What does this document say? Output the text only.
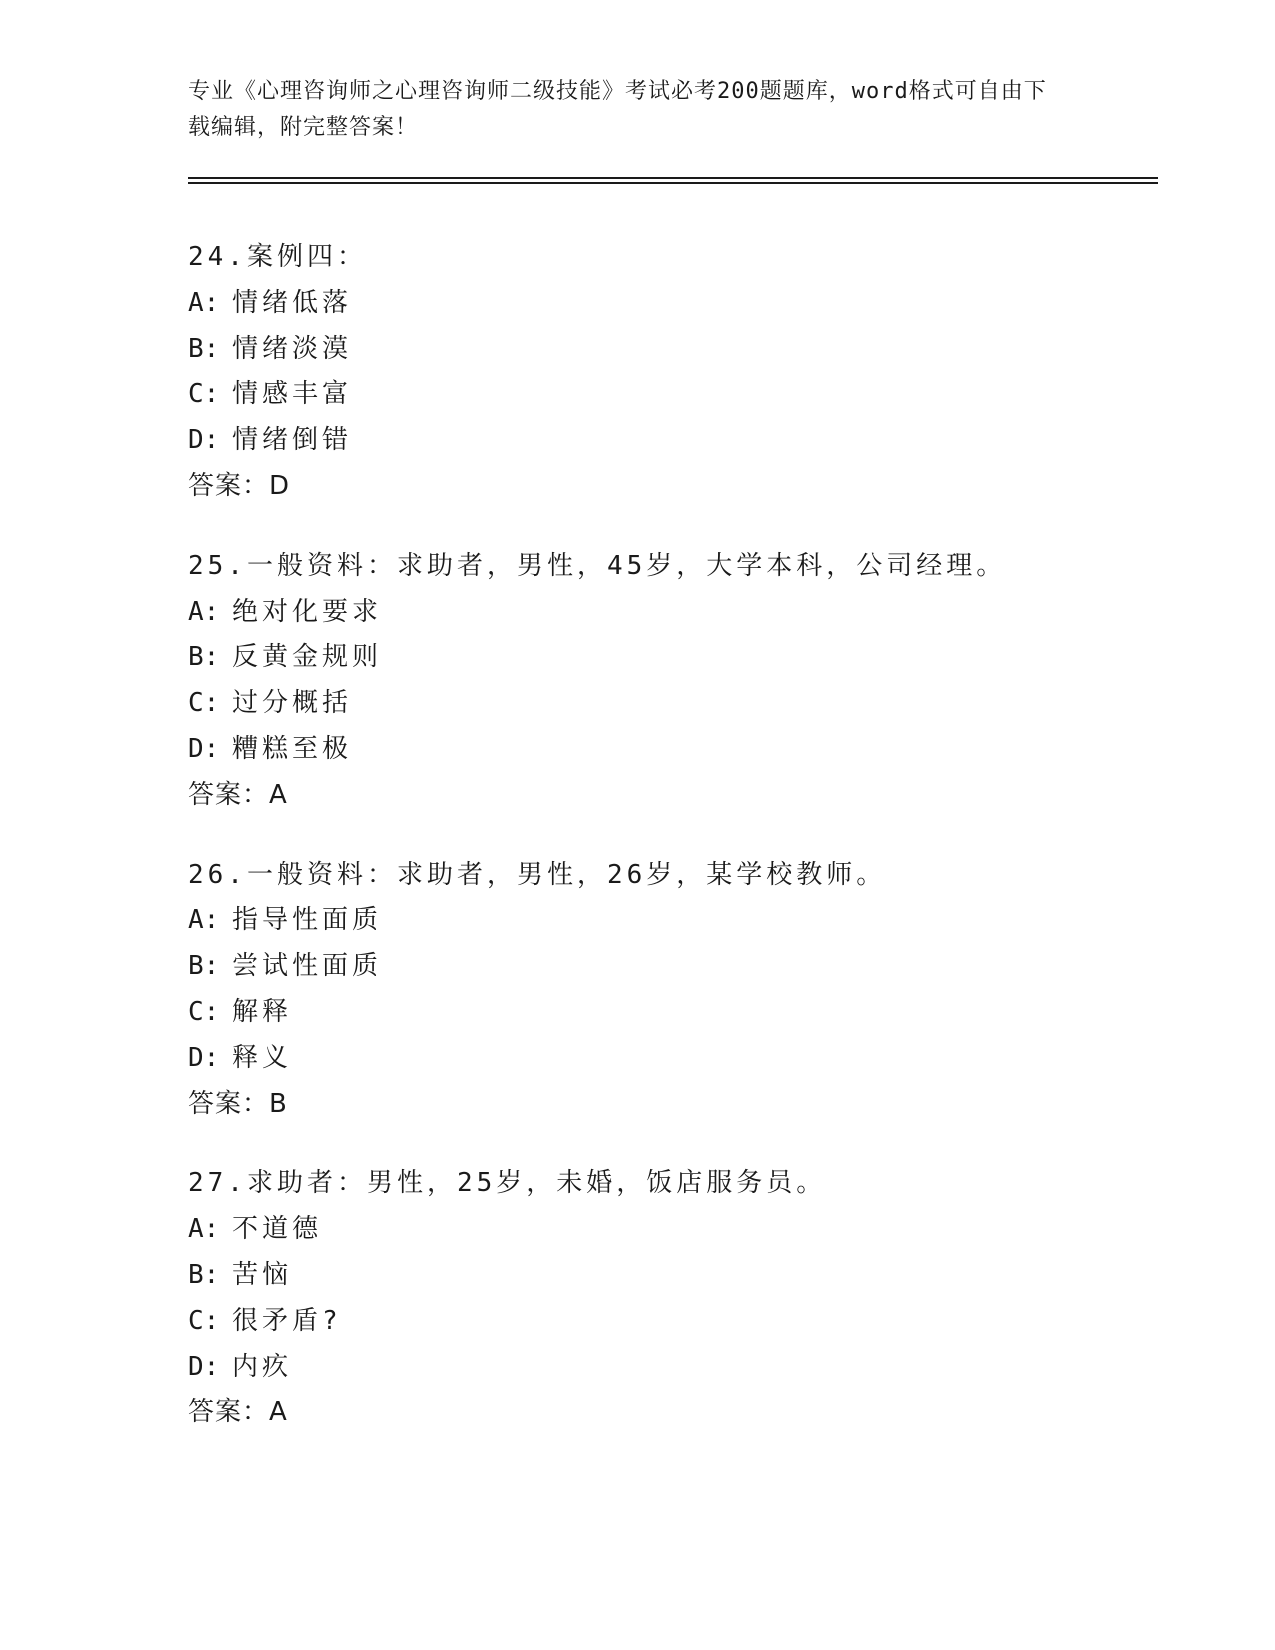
专业《心理咨询师之心理咨询师二级技能》考试必考200题题库，word格式可自由下载编辑，附完整答案！
24.案例四：
A: 情绪低落
B: 情绪淡漠
C: 情感丰富
D: 情绪倒错
答案：D
25.一般资料：求助者，男性，45岁，大学本科，公司经理。
A: 绝对化要求
B: 反黄金规则
C: 过分概括
D: 糟糕至极
答案：A
26.一般资料：求助者，男性，26岁，某学校教师。
A: 指导性面质
B: 尝试性面质
C: 解释
D: 释义
答案：B
27.求助者：男性，25岁，未婚，饭店服务员。
A: 不道德
B: 苦恼
C: 很矛盾?
D: 内疚
答案：A
